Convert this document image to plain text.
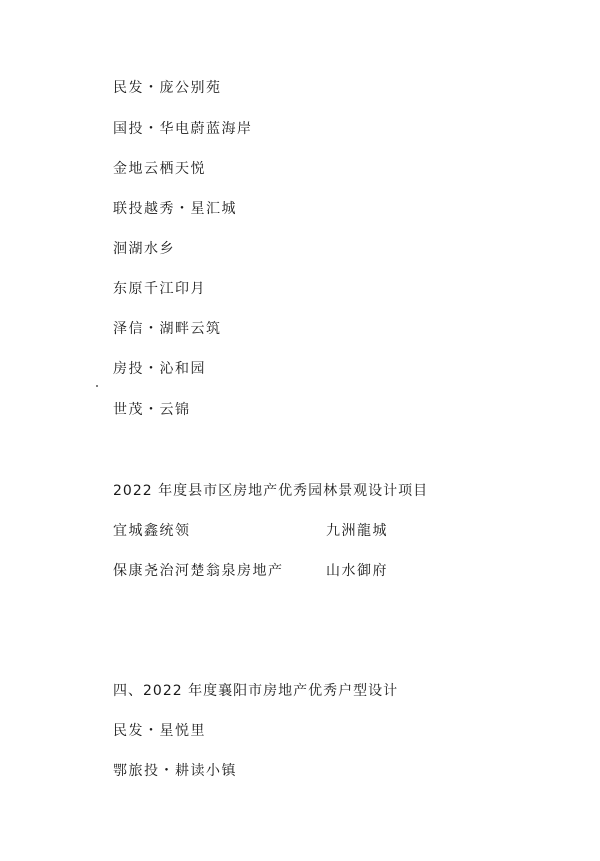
民发・庞公别苑
国投・华电蔚蓝海岸
金地云栖天悦
联投越秀・星汇城
洄湖水乡
东原千江印月
泽信・湖畔云筑
房投・沁和园
世茂・云锦
2022 年度县市区房地产优秀园林景观设计项目
宜城鑫统领	九洲龍城
保康尧治河楚翁泉房地产	山水御府
四、2022 年度襄阳市房地产优秀户型设计
民发・星悦里
鄂旅投・耕读小镇
